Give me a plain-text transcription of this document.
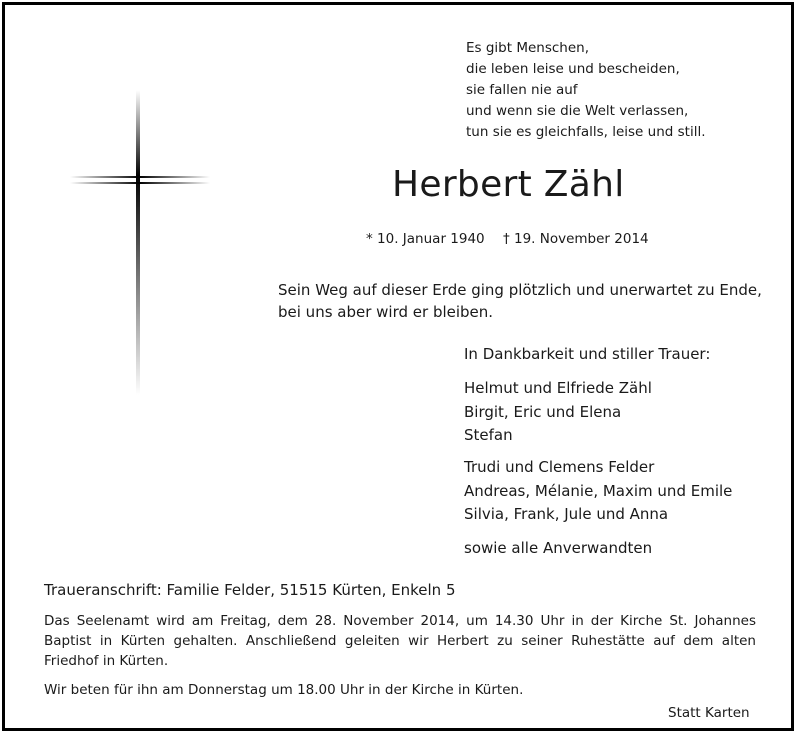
Es gibt Menschen,
die leben leise und bescheiden,
sie fallen nie auf
und wenn sie die Welt verlassen,
tun sie es gleichfalls, leise und still.
Herbert Zähl
* 10. Januar 1940 † 19. November 2014
Sein Weg auf dieser Erde ging plötzlich und unerwartet zu Ende,
bei uns aber wird er bleiben.
In Dankbarkeit und stiller Trauer:
Helmut und Elfriede Zähl
Birgit, Eric und Elena
Stefan
Trudi und Clemens Felder
Andreas, Mélanie, Maxim und Emile
Silvia, Frank, Jule und Anna
sowie alle Anverwandten
Traueranschrift: Familie Felder, 51515 Kürten, Enkeln 5
Das Seelenamt wird am Freitag, dem 28. November 2014, um 14.30 Uhr in der Kirche St. Johannes Baptist in Kürten gehalten. Anschließend geleiten wir Herbert zu seiner Ruhestätte auf dem alten Friedhof in Kürten.
Wir beten für ihn am Donnerstag um 18.00 Uhr in der Kirche in Kürten.
Statt Karten
